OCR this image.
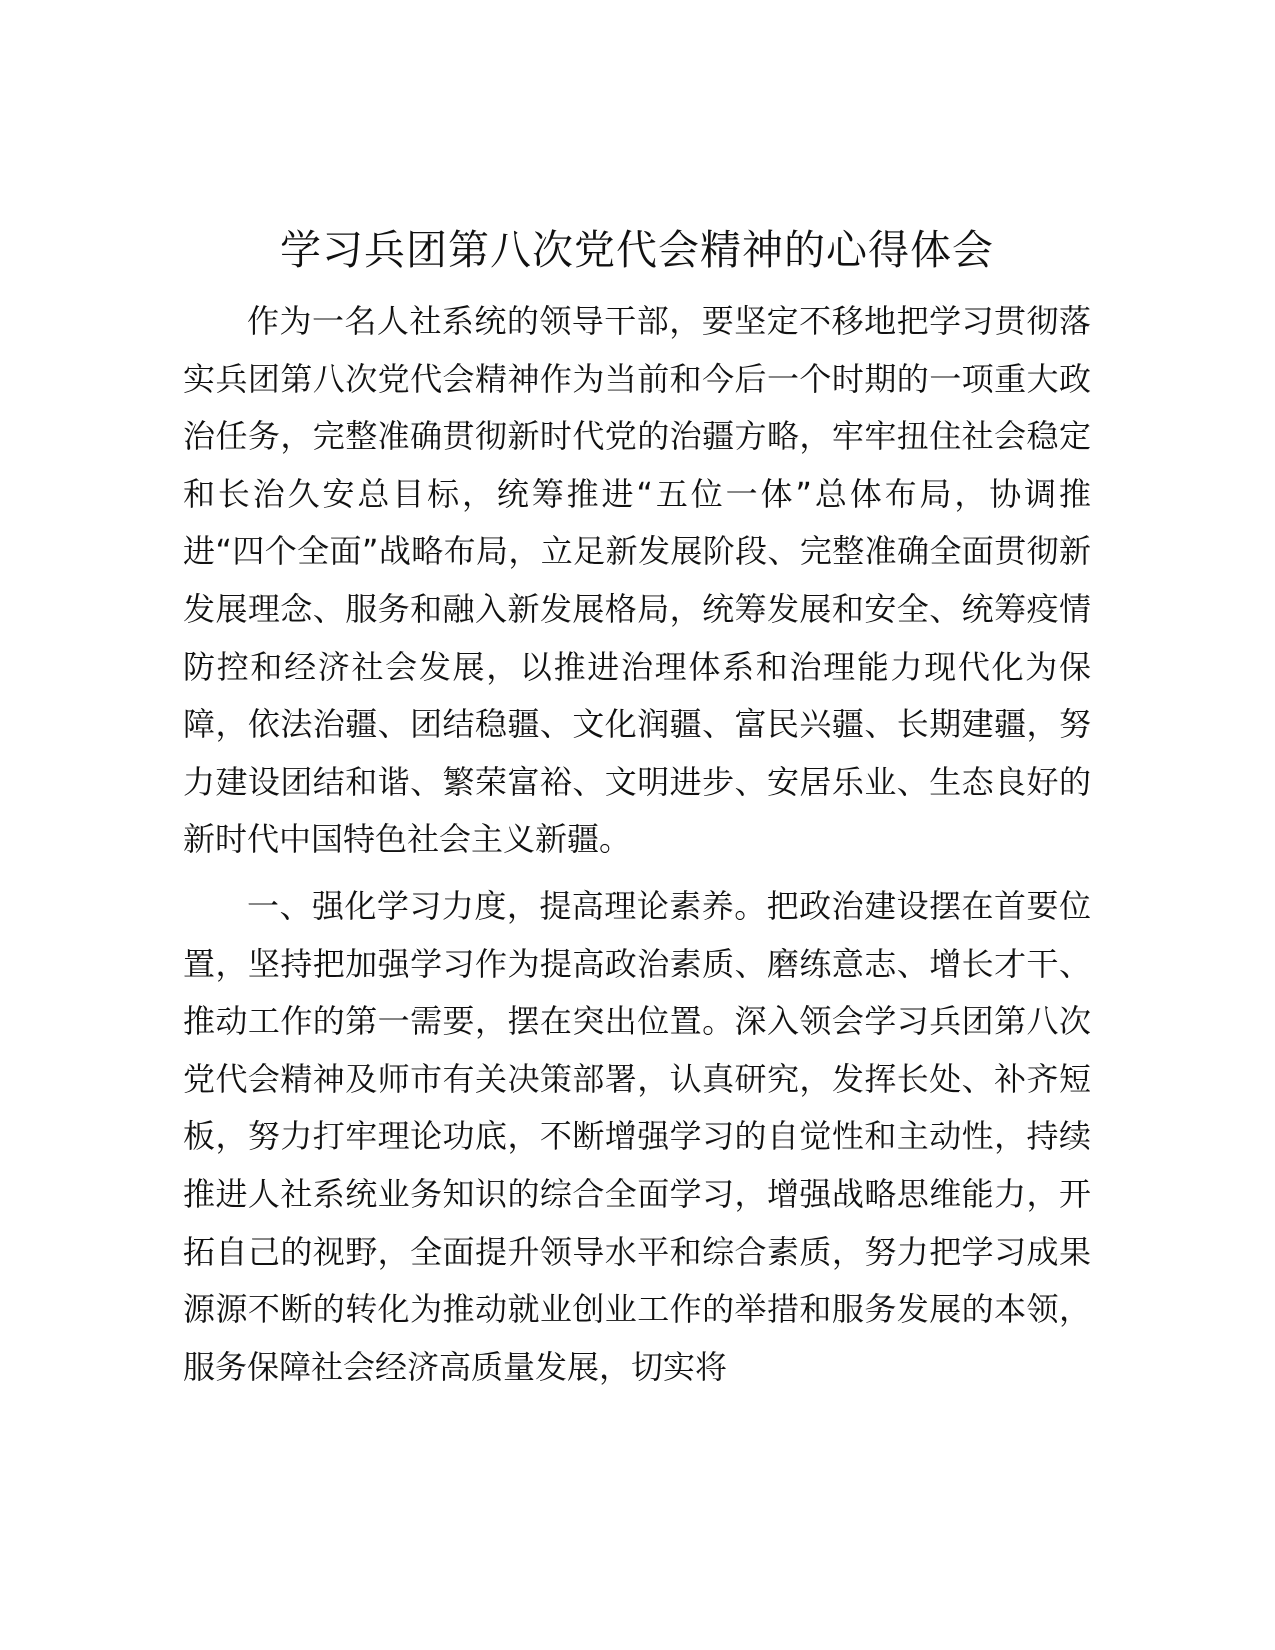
学习兵团第八次党代会精神的心得体会

作为一名人社系统的领导干部，要坚定不移地把学习贯彻落实兵团第八次党代会精神作为当前和今后一个时期的一项重大政治任务，完整准确贯彻新时代党的治疆方略，牢牢扭住社会稳定和长治久安总目标，统筹推进“五位一体”总体布局，协调推进“四个全面”战略布局，立足新发展阶段、完整准确全面贯彻新发展理念、服务和融入新发展格局，统筹发展和安全、统筹疫情防控和经济社会发展，以推进治理体系和治理能力现代化为保障，依法治疆、团结稳疆、文化润疆、富民兴疆、长期建疆，努力建设团结和谐、繁荣富裕、文明进步、安居乐业、生态良好的新时代中国特色社会主义新疆。

一、强化学习力度，提高理论素养。把政治建设摆在首要位置，坚持把加强学习作为提高政治素质、磨练意志、增长才干、推动工作的第一需要，摆在突出位置。深入领会学习兵团第八次党代会精神及师市有关决策部署，认真研究，发挥长处、补齐短板，努力打牢理论功底，不断增强学习的自觉性和主动性，持续推进人社系统业务知识的综合全面学习，增强战略思维能力，开拓自己的视野，全面提升领导水平和综合素质，努力把学习成果源源不断的转化为推动就业创业工作的举措和服务发展的本领，服务保障社会经济高质量发展，切实将
